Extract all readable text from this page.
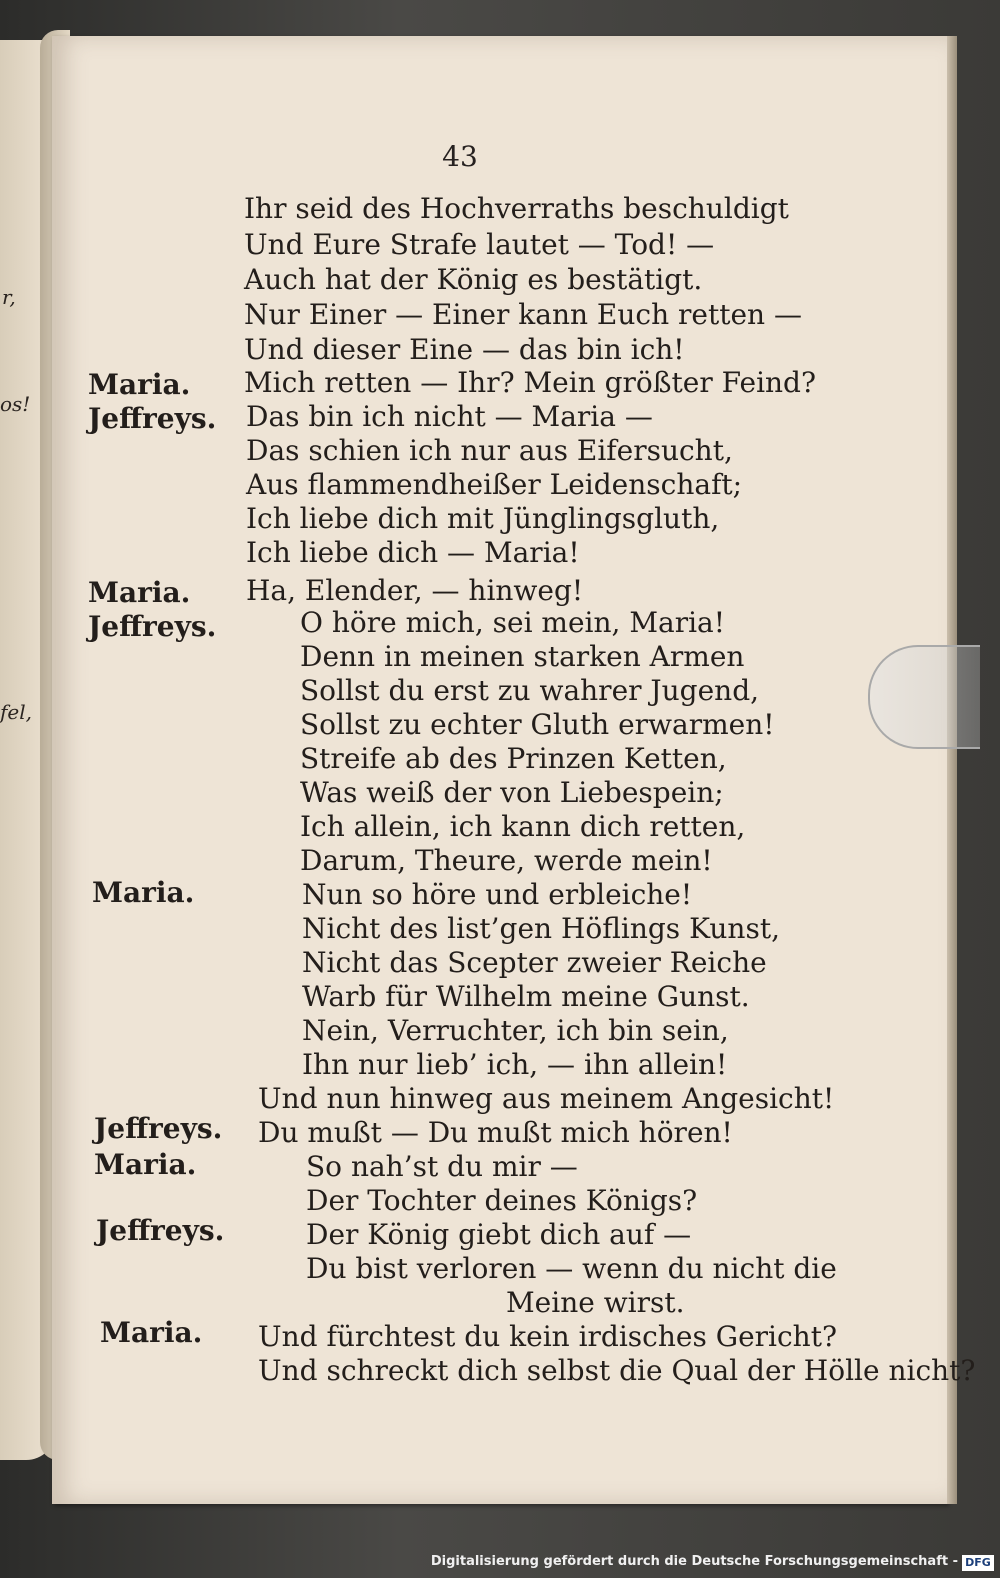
r,
os!
fel,
43
Maria.
Jeffreys.
Maria.
Jeffreys.
Maria.
Jeffreys.
Maria.
Jeffreys.
Maria.
Ihr seid des Hochverraths beschuldigt
Und Eure Strafe lautet — Tod! —
Auch hat der König es bestätigt.
Nur Einer — Einer kann Euch retten —
Und dieser Eine — das bin ich!
Mich retten — Ihr? Mein größter Feind?
Das bin ich nicht — Maria —
Das schien ich nur aus Eifersucht,
Aus flammendheißer Leidenschaft;
Ich liebe dich mit Jünglingsgluth,
Ich liebe dich — Maria!
Ha, Elender, — hinweg!
O höre mich, sei mein, Maria!
Denn in meinen starken Armen
Sollst du erst zu wahrer Jugend,
Sollst zu echter Gluth erwarmen!
Streife ab des Prinzen Ketten,
Was weiß der von Liebespein;
Ich allein, ich kann dich retten,
Darum, Theure, werde mein!
Nun so höre und erbleiche!
Nicht des list’gen Höflings Kunst,
Nicht das Scepter zweier Reiche
Warb für Wilhelm meine Gunst.
Nein, Verruchter, ich bin sein,
Ihn nur lieb’ ich, — ihn allein!
Und nun hinweg aus meinem Angesicht!
Du mußt — Du mußt mich hören!
So nah’st du mir —
Der Tochter deines Königs?
Der König giebt dich auf —
Du bist verloren — wenn du nicht die
Meine wirst.
Und fürchtest du kein irdisches Gericht?
Und schreckt dich selbst die Qual der Hölle nicht?
Digitalisierung gefördert durch die Deutsche Forschungsgemeinschaft - DFG
